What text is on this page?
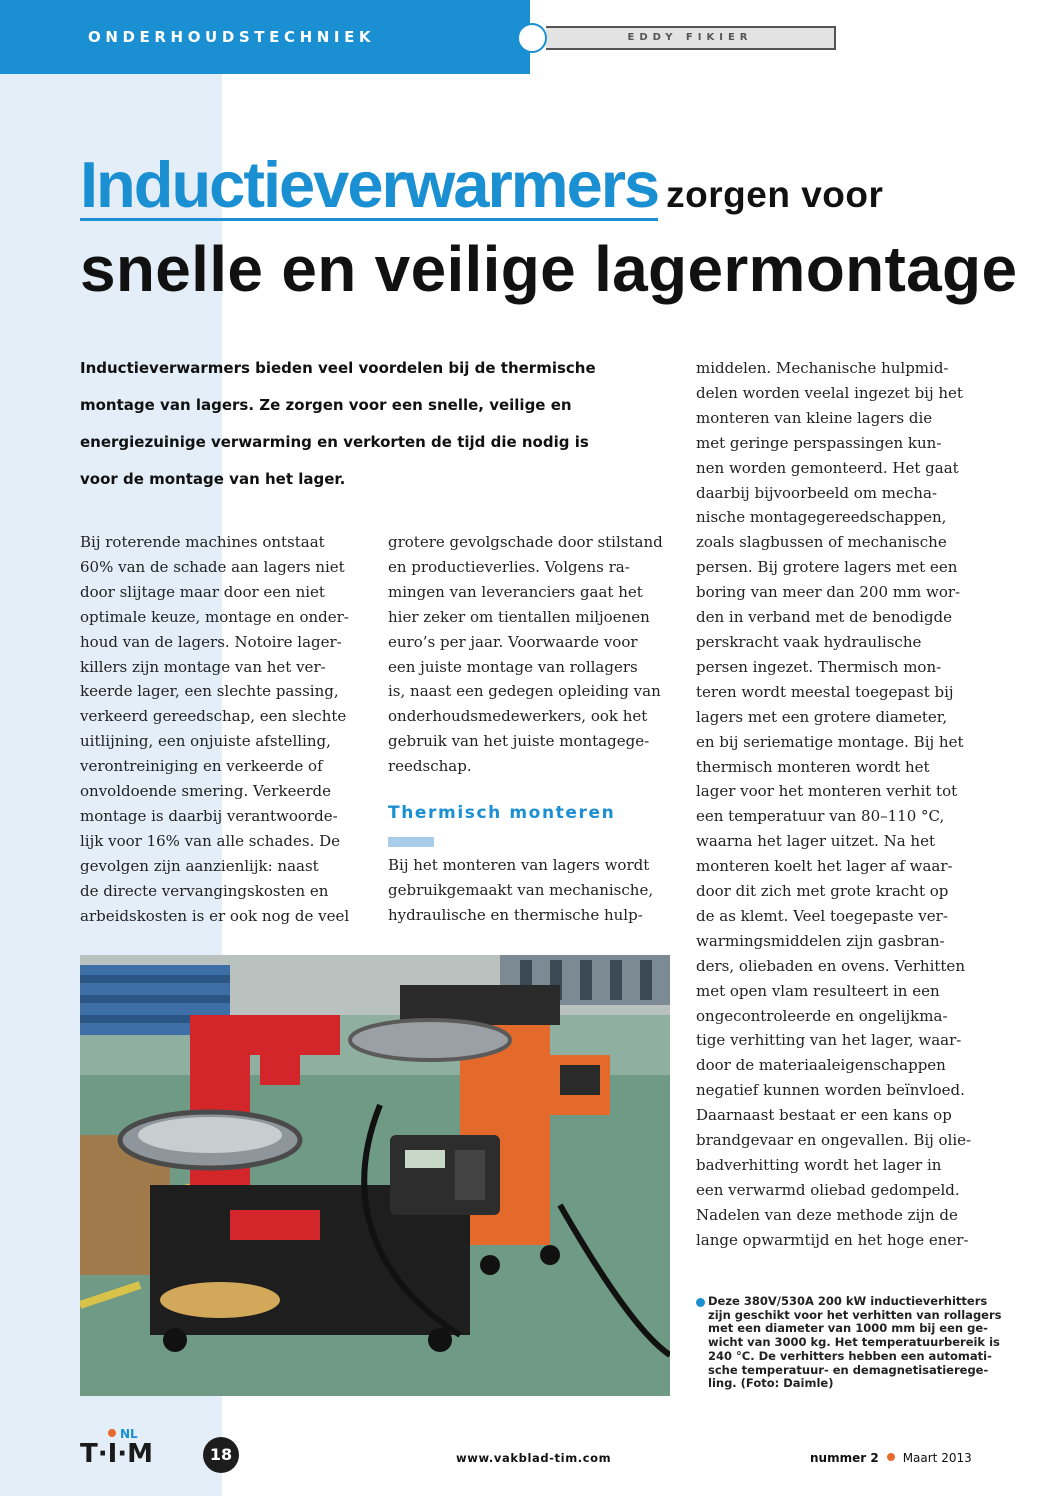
ONDERHOUDSTECHNIEK	EDDY FIKIER
Inductieverwarmers zorgen voor
snelle en veilige lagermontage

Inductieverwarmers bieden veel voordelen bij de thermische

montage van lagers. Ze zorgen voor een snelle, veilige en

energiezuinige verwarming en verkorten de tijd die nodig is

voor de montage van het lager.

Bij roterende machines ontstaat

60% van de schade aan lagers niet

door slijtage maar door een niet

optimale keuze, montage en onder-

houd van de lagers. Notoire lager-

killers zijn montage van het ver-

keerde lager, een slechte passing,

verkeerd gereedschap, een slechte

uitlijning, een onjuiste afstelling,

verontreiniging en verkeerde of

onvoldoende smering. Verkeerde

montage is daarbij verantwoorde-

lijk voor 16% van alle schades. De

gevolgen zijn aanzienlijk: naast

de directe vervangingskosten en

arbeidskosten is er ook nog de veel

grotere gevolgschade door stilstand

en productieverlies. Volgens ra-

mingen van leveranciers gaat het

hier zeker om tientallen miljoenen

euro’s per jaar. Voorwaarde voor

een juiste montage van rollagers

is, naast een gedegen opleiding van

onderhoudsmedewerkers, ook het

gebruik van het juiste montagege-

reedschap.

Thermisch monteren

Bij het monteren van lagers wordt

gebruikgemaakt van mechanische,

hydraulische en thermische hulp-

middelen. Mechanische hulpmid-

delen worden veelal ingezet bij het

monteren van kleine lagers die

met geringe perspassingen kun-

nen worden gemonteerd. Het gaat

daarbij bijvoorbeeld om mecha-

nische montagegereedschappen,

zoals slagbussen of mechanische

persen. Bij grotere lagers met een

boring van meer dan 200 mm wor-

den in verband met de benodigde

perskracht vaak hydraulische

persen ingezet. Thermisch mon-

teren wordt meestal toegepast bij

lagers met een grotere diameter,

en bij seriematige montage. Bij het

thermisch monteren wordt het

lager voor het monteren verhit tot

een temperatuur van 80–110 °C,

waarna het lager uitzet. Na het

monteren koelt het lager af waar-

door dit zich met grote kracht op

de as klemt. Veel toegepaste ver-

warmingsmiddelen zijn gasbran-

ders, oliebaden en ovens. Verhitten

met open vlam resulteert in een

ongecontroleerde en ongelijkma-

tige verhitting van het lager, waar-

door de materiaaleigenschappen

negatief kunnen worden beïnvloed.

Daarnaast bestaat er een kans op

brandgevaar en ongevallen. Bij olie-

badverhitting wordt het lager in

een verwarmd oliebad gedompeld.

Nadelen van deze methode zijn de

lange opwarmtijd en het hoge ener-

Deze 380V/530A 200 kW inductieverhitters

zijn geschikt voor het verhitten van rollagers

met een diameter van 1000 mm bij een ge-

wicht van 3000 kg. Het temperatuurbereik is

240 °C. De verhitters hebben een automati-

sche temperatuur- en demagnetisatierege-

ling. (Foto: Daimle)

NL
T·I·M	18	www.vakblad-tim.com	nummer 2 Maart 2013
